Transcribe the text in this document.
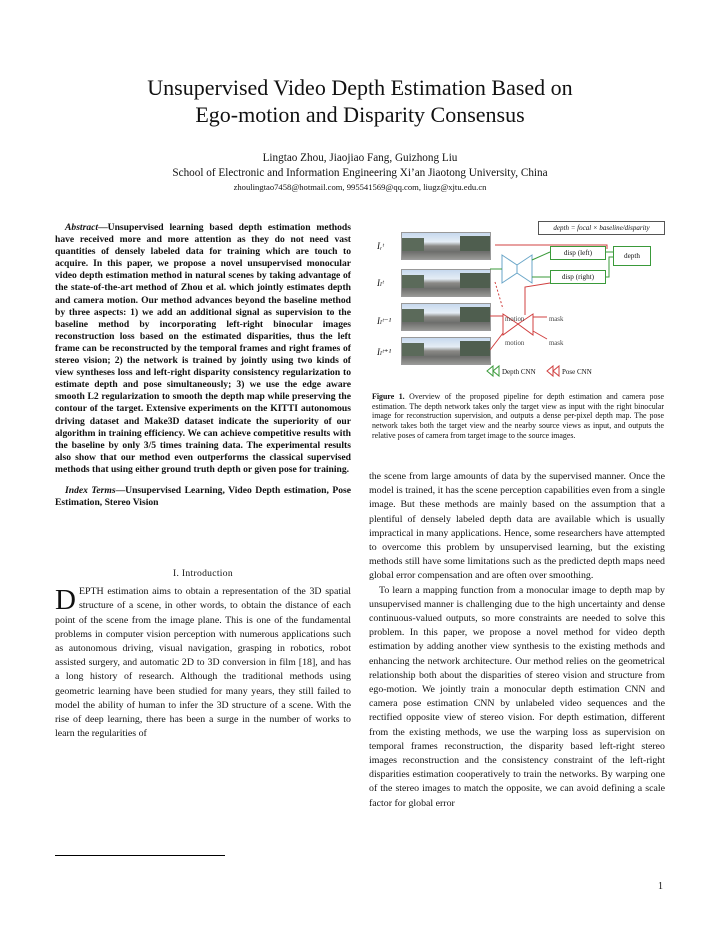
Unsupervised Video Depth Estimation Based on
Ego-motion and Disparity Consensus
Lingtao Zhou, Jiaojiao Fang, Guizhong Liu
School of Electronic and Information Engineering Xi’an Jiaotong University, China
zhoulingtao7458@hotmail.com, 995541569@qq.com, liugz@xjtu.edu.cn

Abstract—Unsupervised learning based depth estimation methods have received more and more attention as they do not need vast quantities of densely labeled data for training which are touch to acquire. In this paper, we propose a novel unsupervised monocular video depth estimation method in natural scenes by taking advantage of the state-of-the-art method of Zhou et al. which jointly estimates depth and camera motion. Our method advances beyond the baseline method by three aspects: 1) we add an additional signal as supervision to the baseline method by incorporating left-right binocular images reconstruction loss based on the estimated disparities, thus the left frame can be reconstructed by the temporal frames and right frames of stereo vision; 2) the network is trained by jointly using two kinds of view syntheses loss and left-right disparity consistency regularization to estimate depth and pose simultaneously; 3) we use the edge aware smooth L2 regularization to smooth the depth map while preserving the contour of the target. Extensive experiments on the KITTI autonomous driving dataset and Make3D dataset indicate the superiority of our algorithm in training efficiency. We can achieve competitive results with the baseline by only 3/5 times training data. The experimental results also show that our method even outperforms the classical supervised methods that using either ground truth depth or given pose for training.

Index Terms—Unsupervised Learning, Video Depth estimation, Pose Estimation, Stereo Vision

I. Introduction

DEPTH estimation aims to obtain a representation of the 3D spatial structure of a scene, in other words, to obtain the distance of each point of the scene from the image plane. This is one of the fundamental problems in computer vision perception with numerous applications such as autonomous driving, visual navigation, grasping in robotics, robot assisted surgery, and automatic 2D to 3D conversion in film [18], and has a long history of research. Although the traditional methods using geometric learning have been studied for many years, they still failed to model the ability of human to infer the 3D structure of a scene. With the rise of deep learning, there has been a surge in the number of works to learn the regularities of

depth = focal × baseline/disparity
Iᵣᵗ
Iₗᵗ
Iₗᵗ⁻¹
Iₗᵗ⁺¹
disp (left)
disp (right)
depth
motion
motion
mask
mask
Depth CNN	Pose CNN

Figure 1. Overview of the proposed pipeline for depth estimation and camera pose estimation. The depth network takes only the target view as input with the right binocular image for reconstruction supervision, and outputs a dense per-pixel depth map. The pose network takes both the target view and the nearby source views as input, and outputs the relative poses of camera from target image to the source images.

the scene from large amounts of data by the supervised manner. Once the model is trained, it has the scene perception capabilities even from a single image. But these methods are mainly based on the assumption that a plentiful of densely labeled depth data are available which is usually impractical in many applications. Hence, some researchers have attempted to overcome this problem by unsupervised learning, but the existing methods still have some limitations such as the predicted depth maps need global error compensation and are often over smoothing.

To learn a mapping function from a monocular image to depth map by unsupervised manner is challenging due to the high uncertainty and dense continuous-valued outputs, so more constraints are needed to solve this problem. In this paper, we propose a novel method for video depth estimation by adding another view synthesis to the existing methods and enhancing the network architecture. Our method relies on the geometrical relationship both about the disparities of stereo vision and structure from ego-motion. We jointly train a monocular depth estimation CNN and camera pose estimation CNN by unlabeled video sequences and the rectified opposite view of stereo vision. For depth estimation, different from the existing methods, we use the warping loss as supervision on temporal frames reconstruction, the disparity based left-right stereo images reconstruction and the consistency constraint of the left-right disparities estimation cooperatively to train the networks. By warping one of the stereo images to match the opposite, we can avoid defining a scale factor for global error

1
